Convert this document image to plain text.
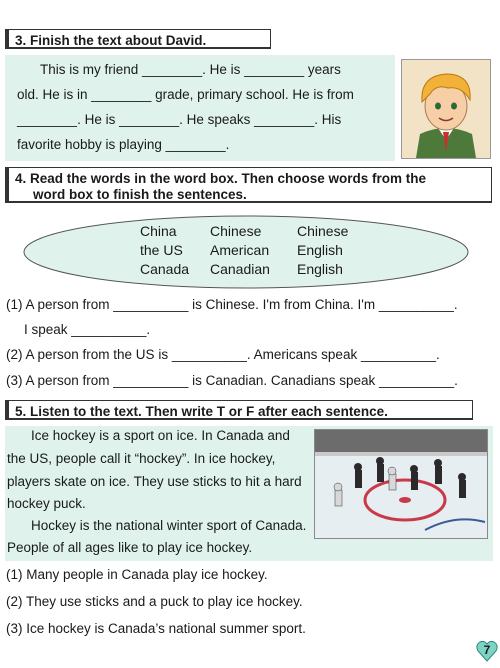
3. Finish the text about David.
This is my friend ________. He is ________ years
old. He is in ________ grade, primary school. He is from
________. He is ________. He speaks ________. His
favorite hobby is playing ________.
4. Read the words in the word box. Then choose words from the
word box to finish the sentences.
China Chinese	Chinese
the US American English
Canada Canadian English
(1) A person from __________ is Chinese. I'm from China. I'm __________.
I speak __________.
(2) A person from the US is __________. Americans speak __________.
(3) A person from __________ is Canadian. Canadians speak __________.
5. Listen to the text. Then write T or F after each sentence.
Ice hockey is a sport on ice. In Canada and
the US, people call it “hockey”. In ice hockey,
players skate on ice. They use sticks to hit a hard
hockey puck.
Hockey is the national winter sport of Canada.
People of all ages like to play ice hockey.
(1) Many people in Canada play ice hockey.
(2) They use sticks and a puck to play ice hockey.
(3) Ice hockey is Canada’s national summer sport.
7
